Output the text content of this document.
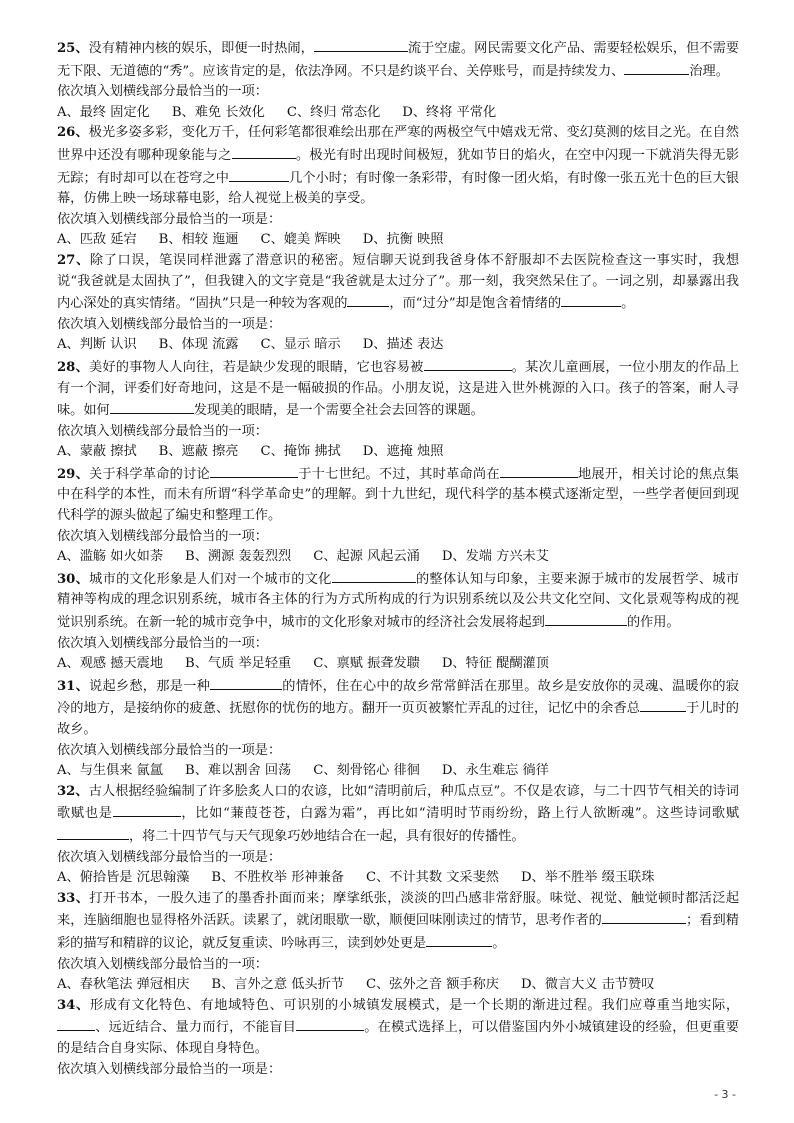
25、没有精神内核的娱乐，即便一时热闹，	流于空虚。网民需要文化产品、需要轻松娱乐，但不需要无下限、无道德的“秀”。应该肯定的是，依法净网。不只是约谈平台、关停账号，而是持续发力、	治理。

依次填入划横线部分最恰当的一项：

A、最终 固定化 B、难免 长效化 C、终归 常态化 D、终将 平常化

26、极光多姿多彩，变化万千，任何彩笔都很难绘出那在严寒的两极空气中嬉戏无常、变幻莫测的炫目之光。在自然世界中还没有哪种现象能与之	。极光有时出现时间极短，犹如节日的焰火，在空中闪现一下就消失得无影无踪；有时却可以在苍穹之中	几个小时；有时像一条彩带，有时像一团火焰，有时像一张五光十色的巨大银幕，仿佛上映一场球幕电影，给人视觉上极美的享受。

依次填入划横线部分最恰当的一项是：

A、匹敌 延宕 B、相较 迤逦 C、媲美 辉映 D、抗衡 映照

27、除了口误，笔误同样泄露了潜意识的秘密。短信聊天说到我爸身体不舒服却不去医院检查这一事实时，我想说“我爸就是太固执了”，但我键入的文字竟是“我爸就是太过分了”。那一刻，我突然呆住了。一词之别，却暴露出我内心深处的真实情绪。“固执”只是一种较为客观的	，而“过分”却是饱含着情绪的	。

依次填入划横线部分最恰当的一项是：

A、判断 认识 B、体现 流露 C、显示 暗示 D、描述 表达

28、美好的事物人人向往，若是缺少发现的眼睛，它也容易被	。某次儿童画展，一位小朋友的作品上有一个洞，评委们好奇地问，这是不是一幅破损的作品。小朋友说，这是进入世外桃源的入口。孩子的答案，耐人寻味。如何	发现美的眼睛，是一个需要全社会去回答的课题。

依次填入划横线部分最恰当的一项：

A、蒙蔽 擦拭 B、遮蔽 擦亮 C、掩饰 拂拭 D、遮掩 烛照

29、关于科学革命的讨论	于十七世纪。不过，其时革命尚在	地展开，相关讨论的焦点集中在科学的本性，而未有所谓“科学革命史”的理解。到十九世纪，现代科学的基本模式逐渐定型，一些学者便回到现代科学的源头做起了编史和整理工作。

依次填入划横线部分最恰当的一项：

A、滥觞 如火如荼 B、溯源 轰轰烈烈 C、起源 风起云涌 D、发端 方兴未艾

30、城市的文化形象是人们对一个城市的文化	的整体认知与印象，主要来源于城市的发展哲学、城市精神等构成的理念识别系统，城市各主体的行为方式所构成的行为识别系统以及公共文化空间、文化景观等构成的视觉识别系统。在新一轮的城市竞争中，城市的文化形象对城市的经济社会发展将起到	的作用。

依次填入划横线部分最恰当的一项：

A、观感 撼天震地 B、气质 举足轻重 C、禀赋 振聋发聩 D、特征 醍醐灌顶

31、说起乡愁，那是一种	的情怀，住在心中的故乡常常鲜活在那里。故乡是安放你的灵魂、温暖你的寂冷的地方，是接纳你的疲惫、抚慰你的忧伤的地方。翻开一页页被繁忙弄乱的过往，记忆中的余香总	于儿时的故乡。

依次填入划横线部分最恰当的一项是：

A、与生俱来 氤氲 B、难以割舍 回荡 C、刻骨铭心 徘徊 D、永生难忘 徜徉

32、古人根据经验编制了许多脍炙人口的农谚，比如“清明前后，种瓜点豆”。不仅是农谚，与二十四节气相关的诗词歌赋也是	，比如“蒹葭苍苍，白露为霜”，再比如“清明时节雨纷纷，路上行人欲断魂”。这些诗词歌赋，将二十四节气与天气现象巧妙地结合在一起，具有很好的传播性。

依次填入划横线部分最恰当的一项是：

A、俯拾皆是 沉思翰藻 B、不胜枚举 形神兼备 C、不计其数 文采斐然 D、举不胜举 缀玉联珠

33、打开书本，一股久违了的墨香扑面而来；摩挲纸张，淡淡的凹凸感非常舒服。味觉、视觉、触觉顿时都活泛起来，连脑细胞也显得格外活跃。读累了，就闭眼歇一歇，顺便回味刚读过的情节，思考作者的	；看到精彩的描写和精辟的议论，就反复重读、吟咏再三，读到妙处更是	。

依次填入划横线部分最恰当的一项：

A、春秋笔法 弹冠相庆 B、言外之意 低头折节 C、弦外之音 额手称庆 D、微言大义 击节赞叹

34、形成有文化特色、有地域特色、可识别的小城镇发展模式，是一个长期的渐进过程。我们应尊重当地实际，、远近结合、量力而行，不能盲目	。在模式选择上，可以借鉴国内外小城镇建设的经验，但更重要的是结合自身实际、体现自身特色。

依次填入划横线部分最恰当的一项是：

- 3 -
